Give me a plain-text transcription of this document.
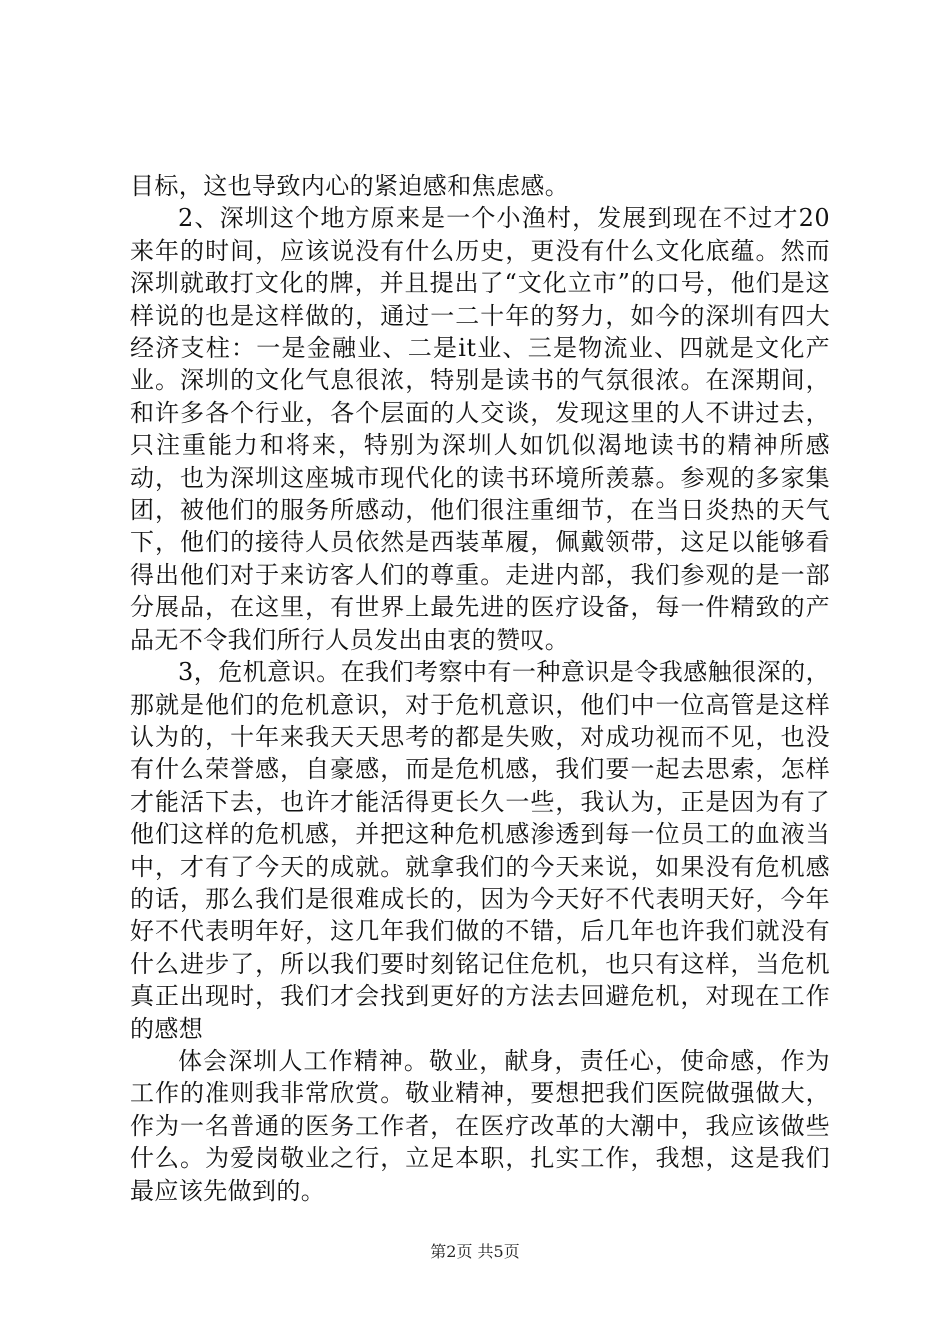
目标，这也导致内心的紧迫感和焦虑感。

2、深圳这个地方原来是一个小渔村，发展到现在不过才20来年的时间，应该说没有什么历史，更没有什么文化底蕴。然而深圳就敢打文化的牌，并且提出了“文化立市”的口号，他们是这样说的也是这样做的，通过一二十年的努力，如今的深圳有四大经济支柱：一是金融业、二是it业、三是物流业、四就是文化产业。深圳的文化气息很浓，特别是读书的气氛很浓。在深期间，和许多各个行业，各个层面的人交谈，发现这里的人不讲过去，只注重能力和将来，特别为深圳人如饥似渴地读书的精神所感动，也为深圳这座城市现代化的读书环境所羡慕。参观的多家集团，被他们的服务所感动，他们很注重细节，在当日炎热的天气下，他们的接待人员依然是西装革履，佩戴领带，这足以能够看得出他们对于来访客人们的尊重。走进内部，我们参观的是一部分展品，在这里，有世界上最先进的医疗设备，每一件精致的产品无不令我们所行人员发出由衷的赞叹。

3，危机意识。在我们考察中有一种意识是令我感触很深的，那就是他们的危机意识，对于危机意识，他们中一位高管是这样认为的，十年来我天天思考的都是失败，对成功视而不见，也没有什么荣誉感，自豪感，而是危机感，我们要一起去思索，怎样才能活下去，也许才能活得更长久一些，我认为，正是因为有了他们这样的危机感，并把这种危机感渗透到每一位员工的血液当中，才有了今天的成就。就拿我们的今天来说，如果没有危机感的话，那么我们是很难成长的，因为今天好不代表明天好，今年好不代表明年好，这几年我们做的不错，后几年也许我们就没有什么进步了，所以我们要时刻铭记住危机，也只有这样，当危机真正出现时，我们才会找到更好的方法去回避危机，对现在工作的感想

体会深圳人工作精神。敬业，献身，责任心，使命感，作为工作的准则我非常欣赏。敬业精神，要想把我们医院做强做大，作为一名普通的医务工作者，在医疗改革的大潮中，我应该做些什么。为爱岗敬业之行，立足本职，扎实工作，我想，这是我们最应该先做到的。

第2页 共5页
